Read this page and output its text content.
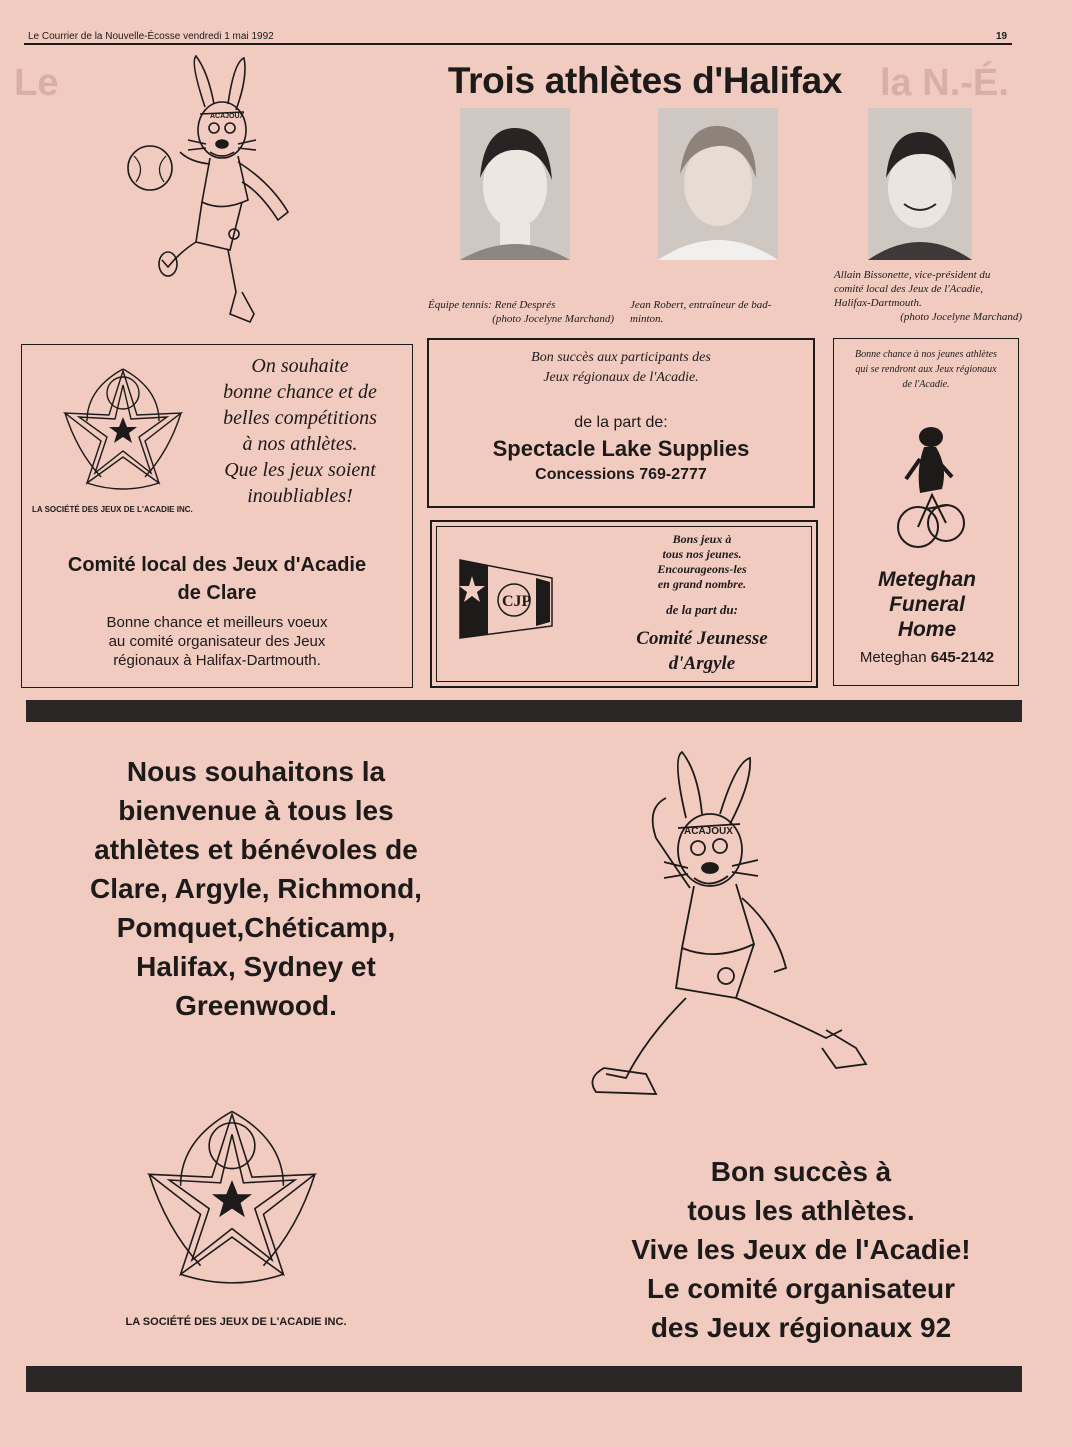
Le Courrier de la Nouvelle-Écosse vendredi 1 mai 1992	19
Le	la N.-É.
ACAJOUX
Trois athlètes d'Halifax
Équipe tennis: René Després
(photo Jocelyne Marchand)
Jean Robert, entraîneur de bad-
minton.
Allain Bissonette, vice-président du
comité local des Jeux de l'Acadie,
Halifax-Dartmouth.
(photo Jocelyne Marchand)
LA SOCIÉTÉ DES JEUX DE L'ACADIE INC.
On souhaite
bonne chance et de
belles compétitions
à nos athlètes.
Que les jeux soient
inoubliables!
Comité local des Jeux d'Acadie
de Clare
Bonne chance et meilleurs voeux
au comité organisateur des Jeux
régionaux à Halifax-Dartmouth.
Bon succès aux participants des
Jeux régionaux de l'Acadie.
de la part de:
Spectacle Lake Supplies
Concessions 769-2777
CJP
Bons jeux à
tous nos jeunes.
Encourageons-les
en grand nombre.
de la part du:
Comité Jeunesse
d'Argyle
Bonne chance à nos jeunes athlètes
qui se rendront aux Jeux régionaux
de l'Acadie.
Meteghan
Funeral
Home
Meteghan 645-2142
Nous souhaitons la
bienvenue à tous les
athlètes et bénévoles de
Clare, Argyle, Richmond,
Pomquet,Chéticamp,
Halifax, Sydney et
Greenwood.
LA SOCIÉTÉ DES JEUX DE L'ACADIE INC.
ACAJOUX
Bon succès à
tous les athlètes.
Vive les Jeux de l'Acadie!
Le comité organisateur
des Jeux régionaux 92
